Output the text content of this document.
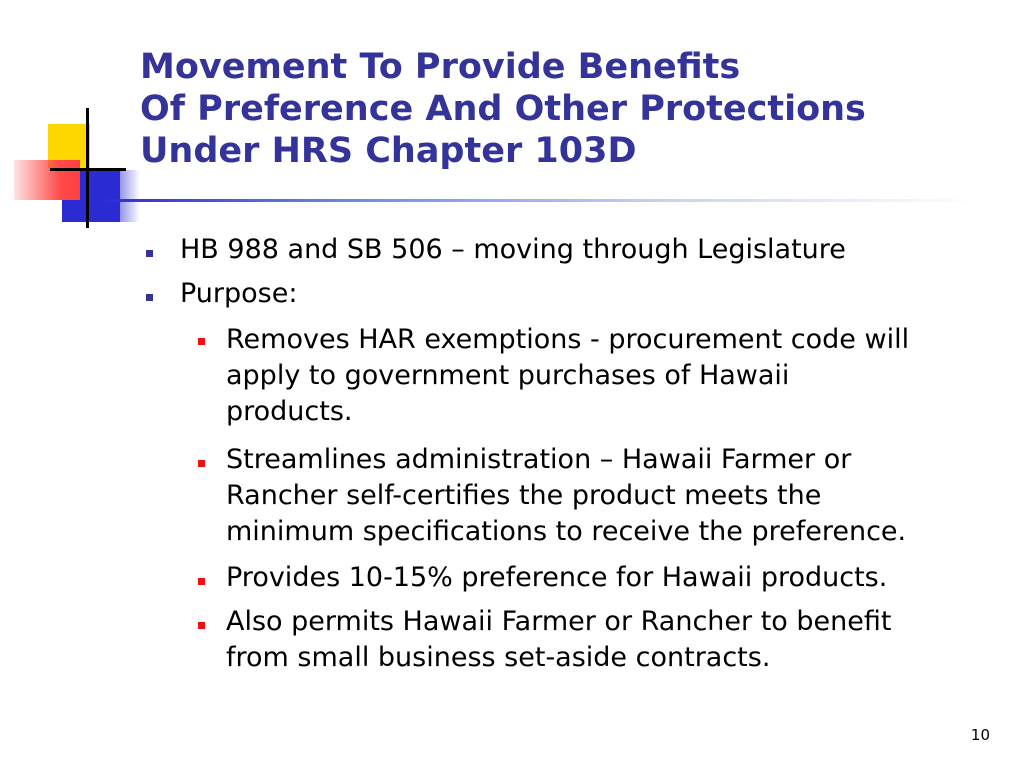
Movement To Provide Benefits
Of Preference And Other Protections
Under HRS Chapter 103D
HB 988 and SB 506 – moving through Legislature
Purpose:
Removes HAR exemptions - procurement code will
apply to government purchases of Hawaii
products.
Streamlines administration – Hawaii Farmer or
Rancher self-certifies the product meets the
minimum specifications to receive the preference.
Provides 10-15% preference for Hawaii products.
Also permits Hawaii Farmer or Rancher to benefit
from small business set-aside contracts.
10
